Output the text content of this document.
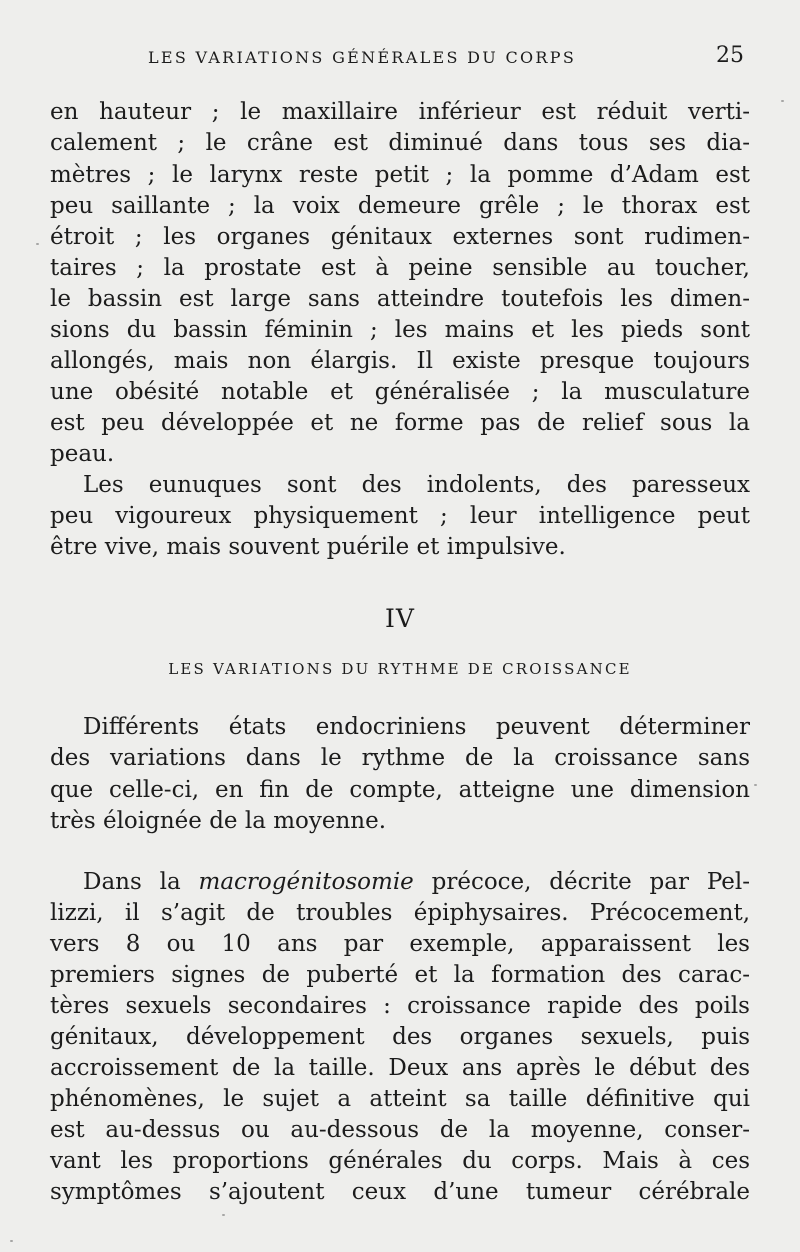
LES VARIATIONS GÉNÉRALES DU CORPS	25
en hauteur ; le maxillaire inférieur est réduit verti-
calement ; le crâne est diminué dans tous ses dia-
mètres ; le larynx reste petit ; la pomme d’Adam est
peu saillante ; la voix demeure grêle ; le thorax est
étroit ; les organes génitaux externes sont rudimen-
taires ; la prostate est à peine sensible au toucher,
le bassin est large sans atteindre toutefois les dimen-
sions du bassin féminin ; les mains et les pieds sont
allongés, mais non élargis. Il existe presque toujours
une obésité notable et généralisée ; la musculature
est peu développée et ne forme pas de relief sous la
peau.
Les eunuques sont des indolents, des paresseux
peu vigoureux physiquement ; leur intelligence peut
être vive, mais souvent puérile et impulsive.
IV
LES VARIATIONS DU RYTHME DE CROISSANCE
Différents états endocriniens peuvent déterminer
des variations dans le rythme de la croissance sans
que celle-ci, en fin de compte, atteigne une dimension
très éloignée de la moyenne.
Dans la macrogénitosomie précoce, décrite par Pel-
lizzi, il s’agit de troubles épiphysaires. Précocement,
vers 8 ou 10 ans par exemple, apparaissent les
premiers signes de puberté et la formation des carac-
tères sexuels secondaires : croissance rapide des poils
génitaux, développement des organes sexuels, puis
accroissement de la taille. Deux ans après le début des
phénomènes, le sujet a atteint sa taille définitive qui
est au-dessus ou au-dessous de la moyenne, conser-
vant les proportions générales du corps. Mais à ces
symptômes s’ajoutent ceux d’une tumeur cérébrale
